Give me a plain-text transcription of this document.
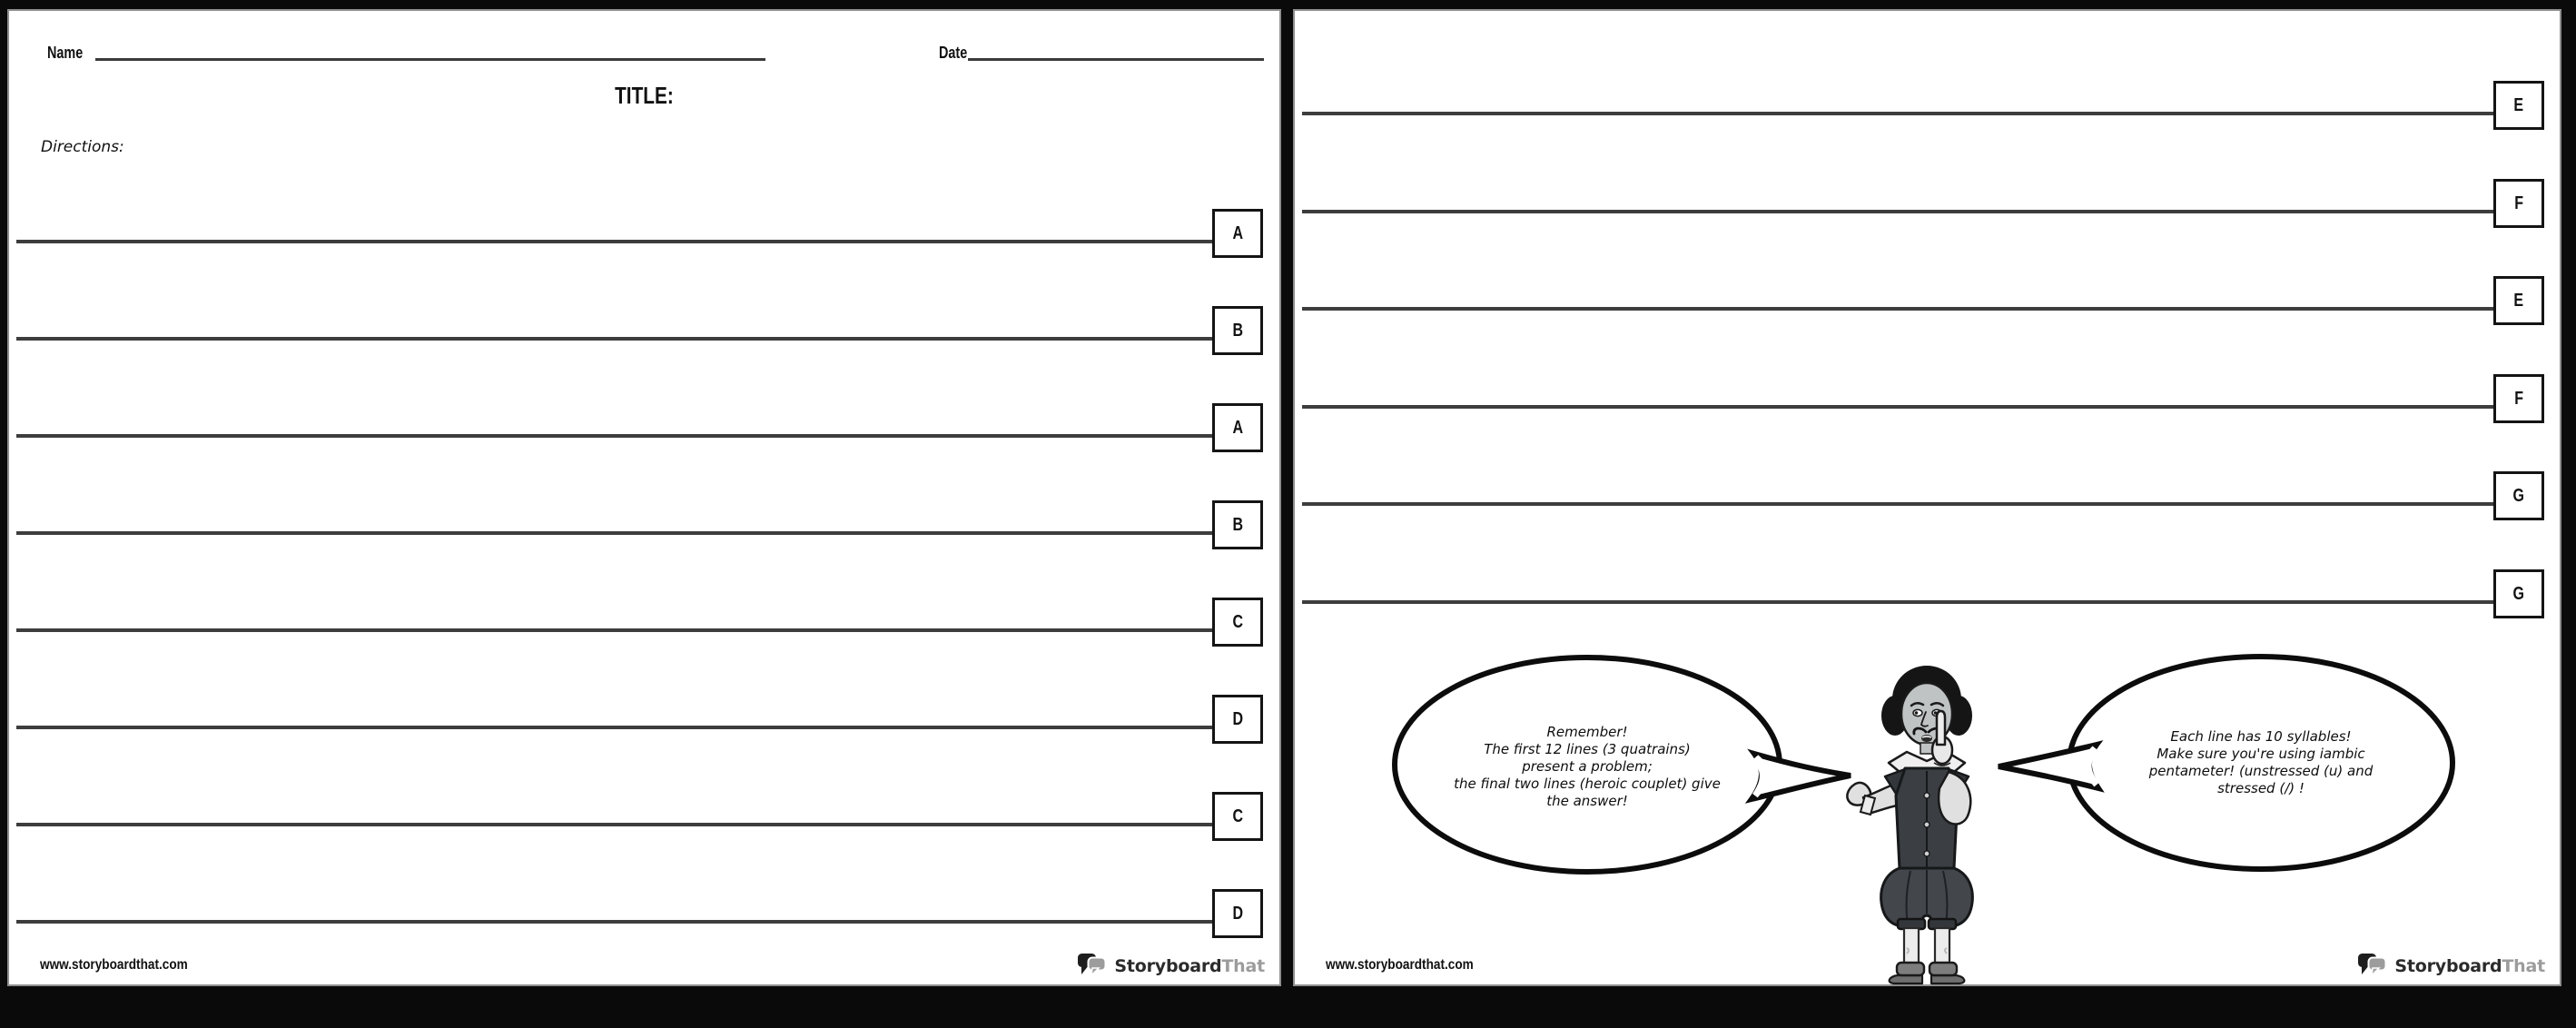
Name	Date
TITLE:
Directions:
A
B
A
B
C
D
C
D
www.storyboardthat.com	StoryboardThat
E
F
E
F
G
G
Remember!
The first 12 lines (3 quatrains)
present a problem;
the final two lines (heroic couplet) give
the answer!
Each line has 10 syllables!
Make sure you're using iambic
pentameter! (unstressed (u) and
stressed (/) !
www.storyboardthat.com	StoryboardThat
